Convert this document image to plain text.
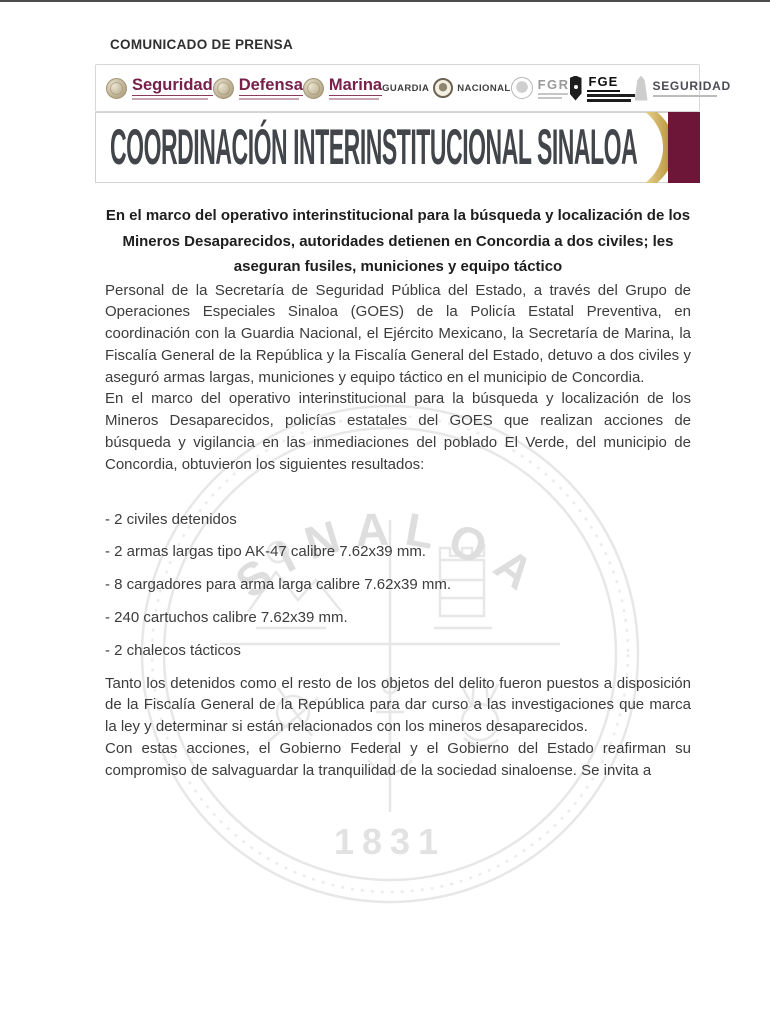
COMUNICADO DE PRENSA
Seguridad Defensa Marina GUARDIA	NACIONAL FGR FGE	SEGURIDAD
COORDINACIÓN INTERINSTITUCIONAL SINALOA
SINALOA
1831
En el marco del operativo interinstitucional para la búsqueda y localización de los Mineros Desaparecidos, autoridades detienen en Concordia a dos civiles; les aseguran fusiles, municiones y equipo táctico

Personal de la Secretaría de Seguridad Pública del Estado, a través del Grupo de Operaciones Especiales Sinaloa (GOES) de la Policía Estatal Preventiva, en coordinación con la Guardia Nacional, el Ejército Mexicano, la Secretaría de Marina, la Fiscalía General de la República y la Fiscalía General del Estado, detuvo a dos civiles y aseguró armas largas, municiones y equipo táctico en el municipio de Concordia.

En el marco del operativo interinstitucional para la búsqueda y localización de los Mineros Desaparecidos, policías estatales del GOES que realizan acciones de búsqueda y vigilancia en las inmediaciones del poblado El Verde, del municipio de Concordia, obtuvieron los siguientes resultados:

- 2 civiles detenidos
- 2 armas largas tipo AK-47 calibre 7.62x39 mm.
- 8 cargadores para arma larga calibre 7.62x39 mm.
- 240 cartuchos calibre 7.62x39 mm.
- 2 chalecos tácticos

Tanto los detenidos como el resto de los objetos del delito fueron puestos a disposición de la Fiscalía General de la República para dar curso a las investigaciones que marca la ley y determinar si están relacionados con los mineros desaparecidos.

Con estas acciones, el Gobierno Federal y el Gobierno del Estado reafirman su compromiso de salvaguardar la tranquilidad de la sociedad sinaloense. Se invita a
